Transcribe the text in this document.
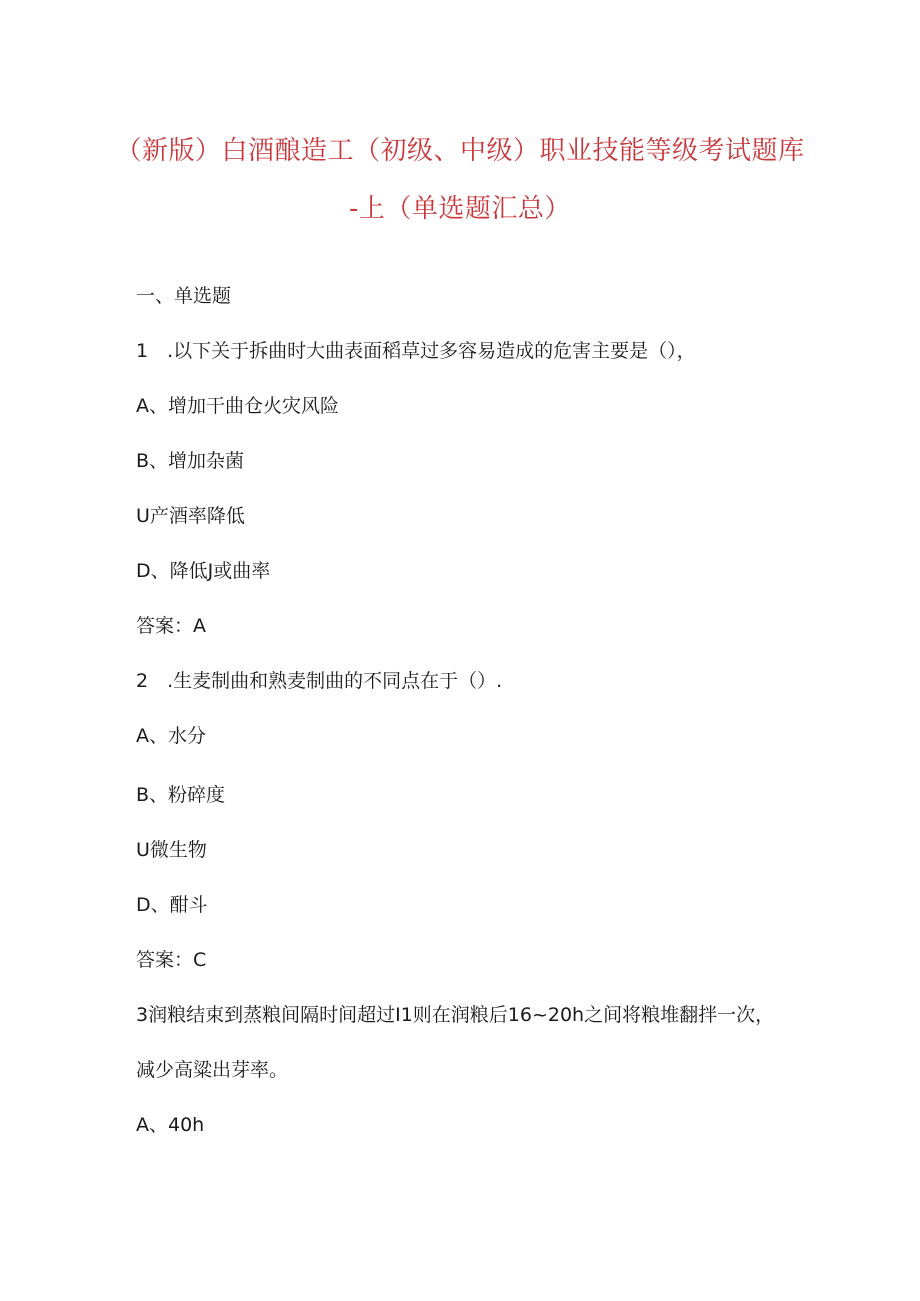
（新版）白酒酿造工（初级、中级）职业技能等级考试题库
-上（单选题汇总）
一、单选题
1　.以下关于拆曲时大曲表面稻草过多容易造成的危害主要是（），
A、增加干曲仓火灾风险
B、增加杂菌
U产酒率降低
D、降低J或曲率
答案：A
2　.生麦制曲和熟麦制曲的不同点在于（）.
A、水分
B、粉碎度
U微生物
D、酣斗
答案：C
3润粮结束到蒸粮间隔时间超过I1则在润粮后16~20h之间将粮堆翻拌一次，
减少高粱出芽率。
A、40h
